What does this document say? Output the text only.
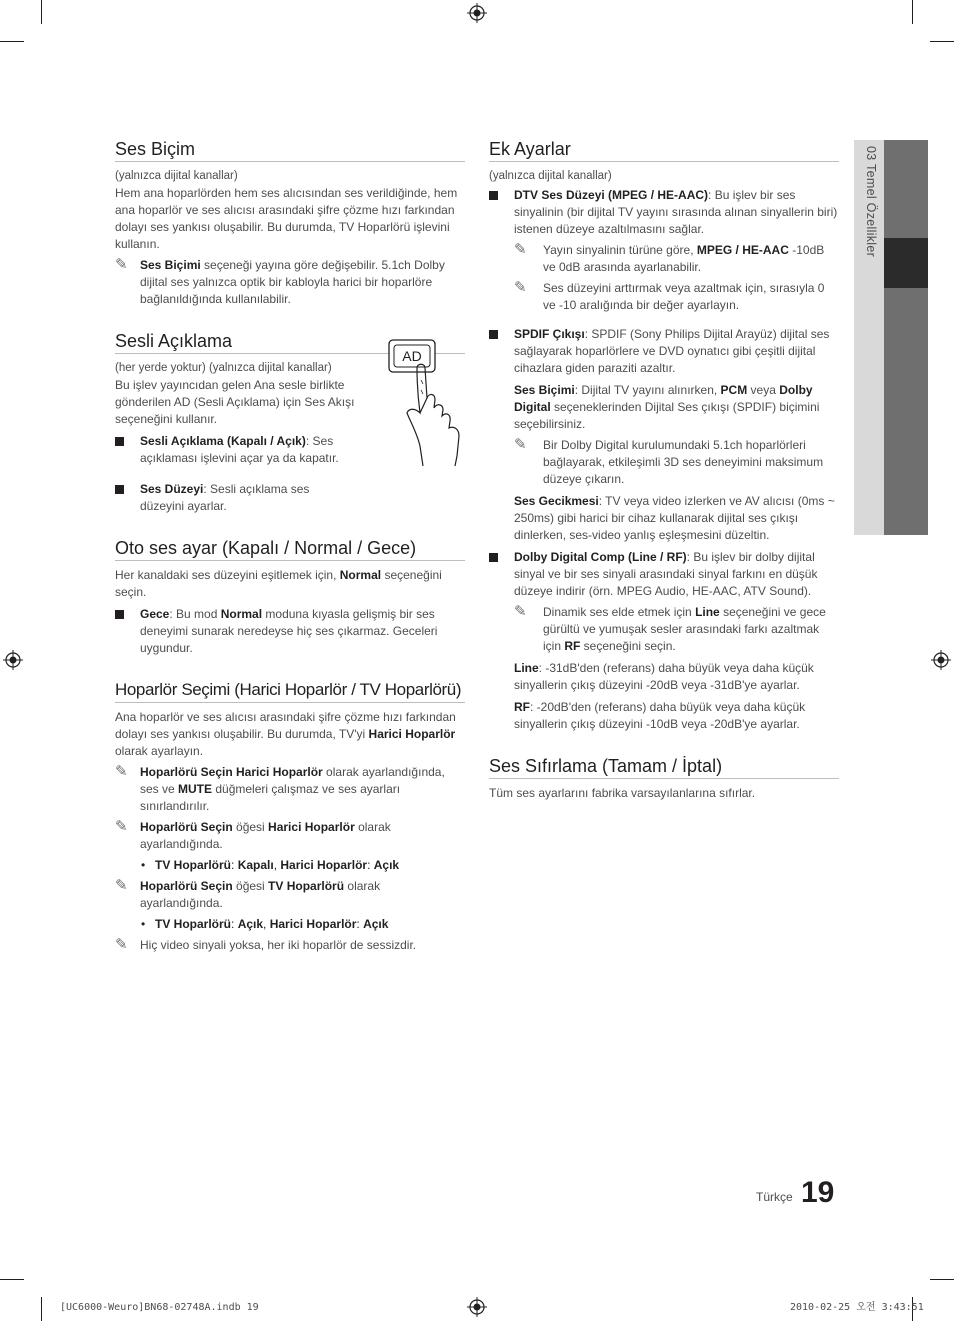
03 Temel Özellikler
Ses Biçim
(yalnızca dijital kanallar)

Hem ana hoparlörden hem ses alıcısından ses verildiğinde, hem ana hoparlör ve ses alıcısı arasındaki şifre çözme hızı farkından dolayı ses yankısı oluşabilir. Bu durumda, TV Hoparlörü işlevini kullanın.

✎ Ses Biçimi seçeneği yayına göre değişebilir. 5.1ch Dolby dijital ses yalnızca optik bir kabloyla harici bir hoparlöre bağlanıldığında kullanılabilir.
Sesli Açıklama
(her yerde yoktur) (yalnızca dijital kanallar)

Bu işlev yayıncıdan gelen Ana sesle birlikte gönderilen AD (Sesli Açıklama) için Ses Akışı seçeneğini kullanır.

Sesli Açıklama (Kapalı / Açık): Ses açıklaması işlevini açar ya da kapatır.
Ses Düzeyi: Sesli açıklama ses düzeyini ayarlar.
AD
Oto ses ayar (Kapalı / Normal / Gece)

Her kanaldaki ses düzeyini eşitlemek için, Normal seçeneğini seçin.

Gece: Bu mod Normal moduna kıyasla gelişmiş bir ses deneyimi sunarak neredeyse hiç ses çıkarmaz. Geceleri uygundur.
Hoparlör Seçimi (Harici Hoparlör / TV Hoparlörü)

Ana hoparlör ve ses alıcısı arasındaki şifre çözme hızı farkından dolayı ses yankısı oluşabilir. Bu durumda, TV'yi Harici Hoparlör olarak ayarlayın.

✎ Hoparlörü Seçin Harici Hoparlör olarak ayarlandığında, ses ve MUTE düğmeleri çalışmaz ve ses ayarları sınırlandırılır.
✎ Hoparlörü Seçin öğesi Harici Hoparlör olarak ayarlandığında.
• TV Hoparlörü: Kapalı, Harici Hoparlör: Açık
✎ Hoparlörü Seçin öğesi TV Hoparlörü olarak ayarlandığında.
• TV Hoparlörü: Açık, Harici Hoparlör: Açık
✎ Hiç video sinyali yoksa, her iki hoparlör de sessizdir.
Ek Ayarlar
(yalnızca dijital kanallar)
DTV Ses Düzeyi (MPEG / HE-AAC): Bu işlev bir ses sinyalinin (bir dijital TV yayını sırasında alınan sinyallerin biri) istenen düzeye azaltılmasını sağlar.
✎ Yayın sinyalinin türüne göre, MPEG / HE-AAC -10dB ve 0dB arasında ayarlanabilir.
✎ Ses düzeyini arttırmak veya azaltmak için, sırasıyla 0 ve -10 aralığında bir değer ayarlayın.
SPDIF Çıkışı: SPDIF (Sony Philips Dijital Arayüz) dijital ses sağlayarak hoparlörlere ve DVD oynatıcı gibi çeşitli dijital cihazlara giden paraziti azaltır.
Ses Biçimi: Dijital TV yayını alınırken, PCM veya Dolby Digital seçeneklerinden Dijital Ses çıkışı (SPDIF) biçimini seçebilirsiniz.
✎ Bir Dolby Digital kurulumundaki 5.1ch hoparlörleri bağlayarak, etkileşimli 3D ses deneyimini maksimum düzeye çıkarın.
Ses Gecikmesi: TV veya video izlerken ve AV alıcısı (0ms ~ 250ms) gibi harici bir cihaz kullanarak dijital ses çıkışı dinlerken, ses-video yanlış eşleşmesini düzeltin.
Dolby Digital Comp (Line / RF): Bu işlev bir dolby dijital sinyal ve bir ses sinyali arasındaki sinyal farkını en düşük düzeye indirir (örn. MPEG Audio, HE-AAC, ATV Sound).
✎ Dinamik ses elde etmek için Line seçeneğini ve gece gürültü ve yumuşak sesler arasındaki farkı azaltmak için RF seçeneğini seçin.
Line: -31dB'den (referans) daha büyük veya daha küçük sinyallerin çıkış düzeyini -20dB veya -31dB'ye ayarlar.
RF: -20dB'den (referans) daha büyük veya daha küçük sinyallerin çıkış düzeyini -10dB veya -20dB'ye ayarlar.
Ses Sıfırlama (Tamam / İptal)

Tüm ses ayarlarını fabrika varsayılanlarına sıfırlar.

Türkçe 19
[UC6000-Weuro]BN68-02748A.indb 19	2010-02-25 오전 3:43:51
